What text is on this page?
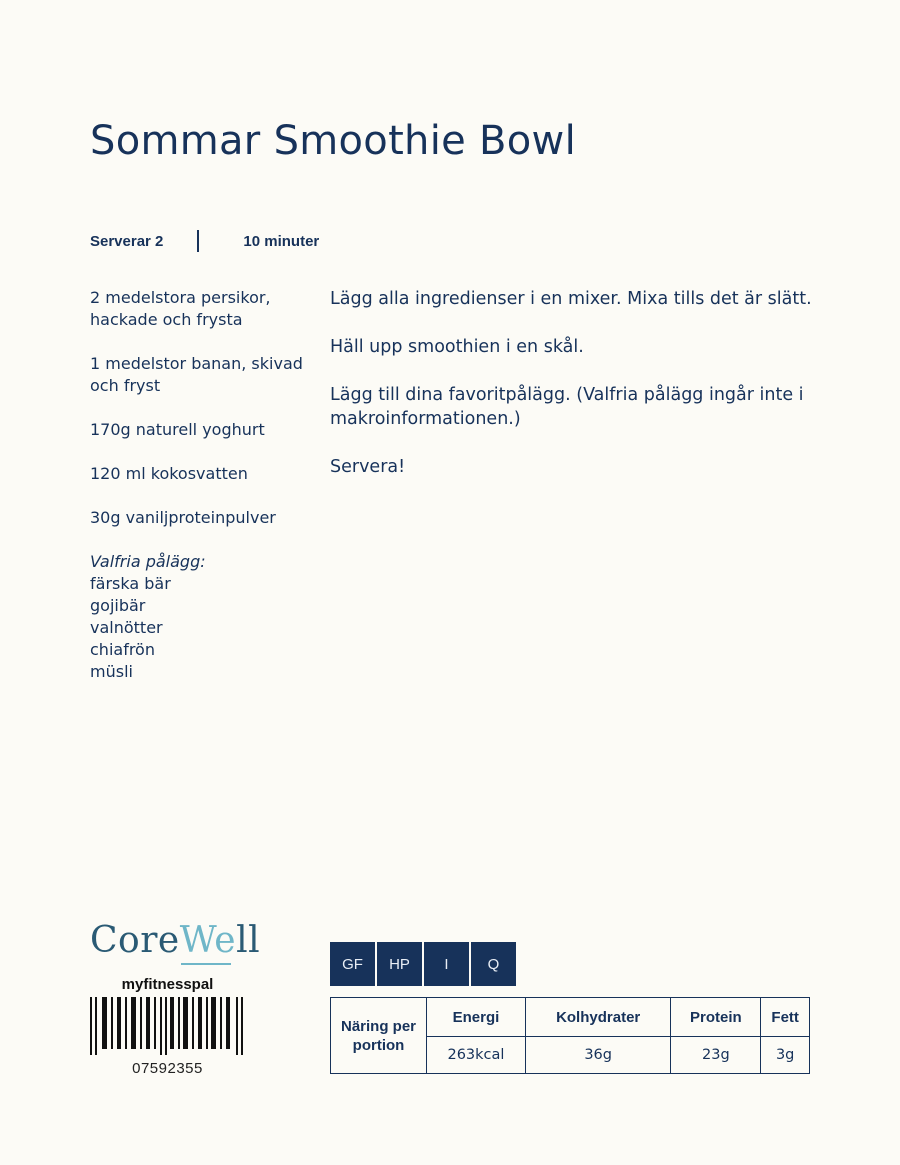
Sommar Smoothie Bowl
Serverar 2	10 minuter

2 medelstora persikor, hackade och frysta

1 medelstor banan, skivad och fryst

170g naturell yoghurt

120 ml kokosvatten

30g vaniljproteinpulver

Valfria pålägg:
färska bär
gojibär
valnötter
chiafrön
müsli

Lägg alla ingredienser i en mixer. Mixa tills det är slätt.

Häll upp smoothien i en skål.

Lägg till dina favoritpålägg. (Valfria pålägg ingår inte i makroinformationen.)

Servera!

CoreWell
myfitnesspal
07592355
GF	HP	I	Q
Näring per portion	Energi	Kolhydrater	Protein	Fett
	263kcal	36g	23g	3g
